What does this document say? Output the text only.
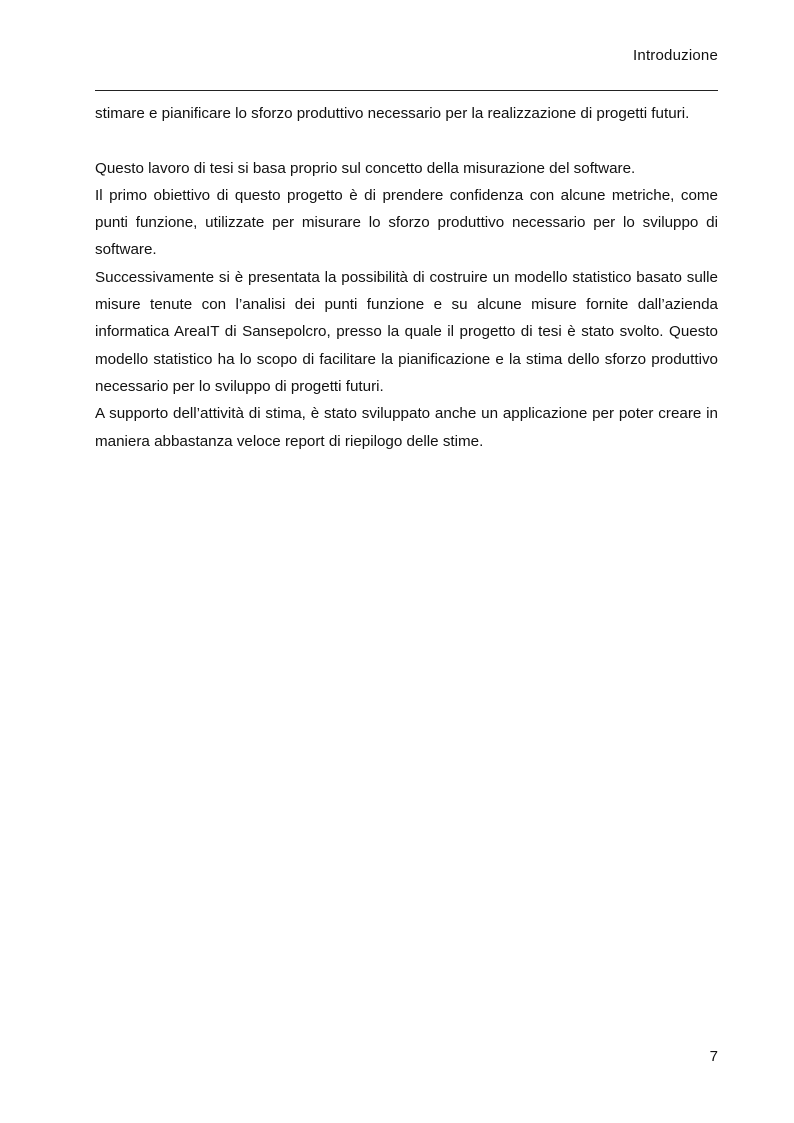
Introduzione

stimare e pianificare lo sforzo produttivo necessario per la realizzazione di progetti futuri.

Questo lavoro di tesi si basa proprio sul concetto della misurazione del software.

Il primo obiettivo di questo progetto è di prendere confidenza con alcune metriche, come punti funzione, utilizzate per misurare lo sforzo produttivo necessario per lo sviluppo di software.

Successivamente si è presentata la possibilità di costruire un modello statistico basato sulle misure tenute con l’analisi dei punti funzione e su alcune misure fornite dall’azienda informatica AreaIT di Sansepolcro, presso la quale il progetto di tesi è stato svolto. Questo modello statistico ha lo scopo di facilitare la pianificazione e la stima dello sforzo produttivo necessario per lo sviluppo di progetti futuri.

A supporto dell’attività di stima, è stato sviluppato anche un applicazione per poter creare in maniera abbastanza veloce report di riepilogo delle stime.

7
